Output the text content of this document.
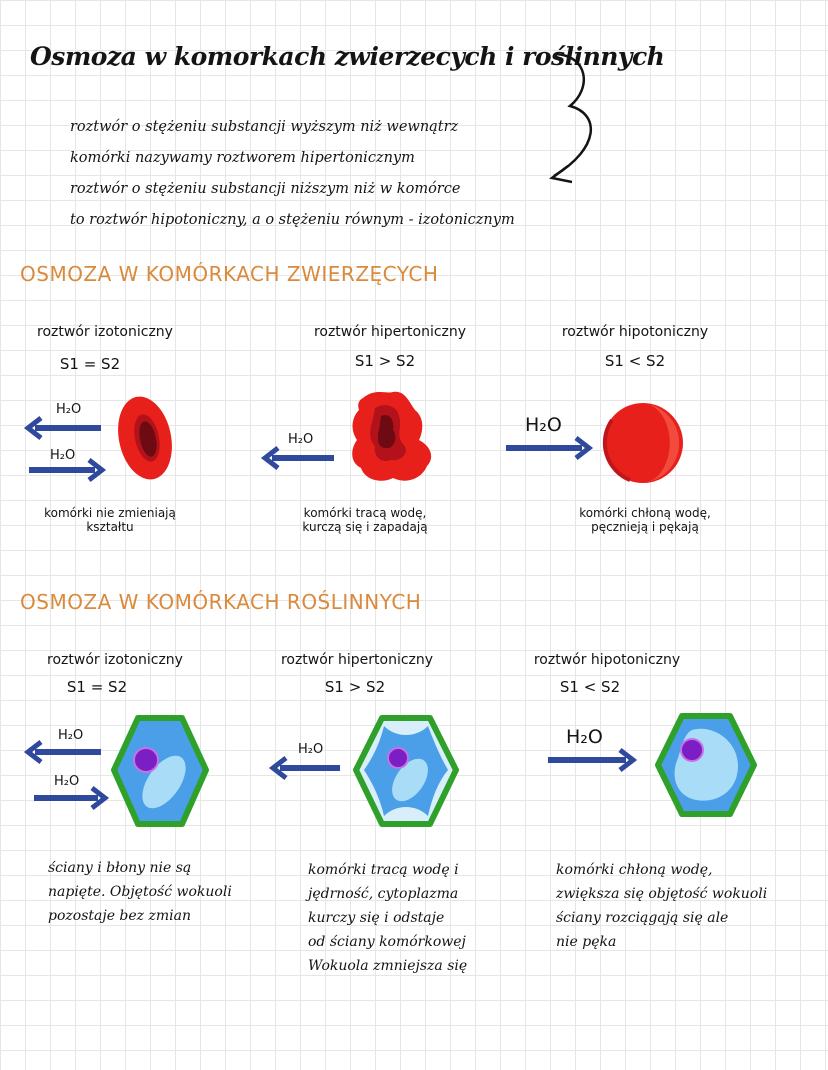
Osmoza w komorkach zwierzecych i roślinnych
roztwór o stężeniu substancji wyższym niż wewnątrz
komórki nazywamy roztworem hipertonicznym
roztwór o stężeniu substancji niższym niż w komórce
to roztwór hipotoniczny, a o stężeniu równym - izotonicznym
OSMOZA W KOMÓRKACH ZWIERZĘCYCH
roztwór izotoniczny
S1 = S2
roztwór hipertoniczny
S1 > S2
roztwór hipotoniczny
S1 < S2
H₂O
H₂O
komórki nie zmieniają
kształtu
H₂O
komórki tracą wodę,
kurczą się i zapadają
H₂O
komórki chłoną wodę,
pęcznieją i pękają
OSMOZA W KOMÓRKACH ROŚLINNYCH
roztwór izotoniczny
S1 = S2
roztwór hipertoniczny
S1 > S2
roztwór hipotoniczny
S1 < S2
H₂O
H₂O
ściany i błony nie są
napięte. Objętość wokuoli
pozostaje bez zmian
H₂O
komórki tracą wodę i
jędrność, cytoplazma
kurczy się i odstaje
od ściany komórkowej
Wokuola zmniejsza się
H₂O
komórki chłoną wodę,
zwiększa się objętość wokuoli
ściany rozciągają się ale
nie pęka
